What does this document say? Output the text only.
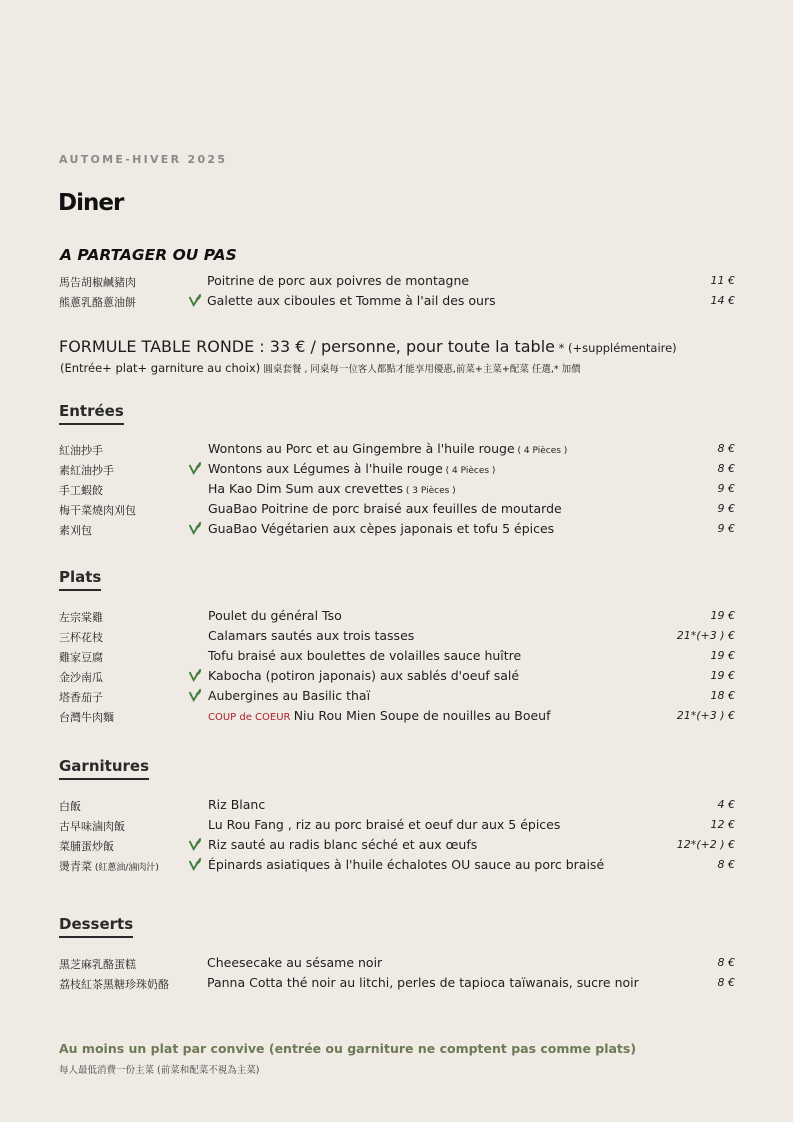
AUTOME-HIVER 2025
Diner
A PARTAGER OU PAS
馬告胡椒鹹豬肉	Poitrine de porc aux poivres de montagne	11 €
熊蔥乳酪蔥油餅	Galette aux ciboules et Tomme à l'ail des ours	14 €
FORMULE TABLE RONDE : 33 € / personne, pour toute la table * (+supplémentaire)
(Entrée+ plat+ garniture au choix) 圓桌套餐 , 同桌每一位客人都點才能享用優惠,前菜+主菜+配菜 任選,* 加價
Entrées
紅油抄手	Wontons au Porc et au Gingembre à l'huile rouge ( 4 Pièces )	8 €
素紅油抄手	Wontons aux Légumes à l'huile rouge ( 4 Pièces )	8 €
手工蝦餃	Ha Kao Dim Sum aux crevettes ( 3 Pièces )	9 €
梅干菜燒肉刈包	GuaBao Poitrine de porc braisé aux feuilles de moutarde	9 €
素刈包	GuaBao Végétarien aux cèpes japonais et tofu 5 épices	9 €
Plats
左宗棠雞	Poulet du général Tso	19 €
三杯花枝	Calamars sautés aux trois tasses	21*(+3 ) €
雞家豆腐	Tofu braisé aux boulettes de volailles sauce huître	19 €
金沙南瓜	Kabocha (potiron japonais) aux sablés d'oeuf salé	19 €
塔香茄子	Aubergines au Basilic thaï	18 €
台灣牛肉麵	COUP de COEUR Niu Rou Mien Soupe de nouilles au Boeuf	21*(+3 ) €
Garnitures
白飯	Riz Blanc	4 €
古早味滷肉飯	Lu Rou Fang , riz au porc braisé et oeuf dur aux 5 épices	12 €
菜脯蛋炒飯	Riz sauté au radis blanc séché et aux œufs	12*(+2 ) €
燙青菜 (紅蔥油/滷肉汁)	Épinards asiatiques à l'huile échalotes OU sauce au porc braisé	8 €
Desserts
黑芝麻乳酪蛋糕	Cheesecake au sésame noir	8 €
荔枝紅茶黑糖珍珠奶酪	Panna Cotta thé noir au litchi, perles de tapioca taïwanais, sucre noir	8 €
Au moins un plat par convive (entrée ou garniture ne comptent pas comme plats)
每人最低消費一份主菜 (前菜和配菜不視為主菜)
